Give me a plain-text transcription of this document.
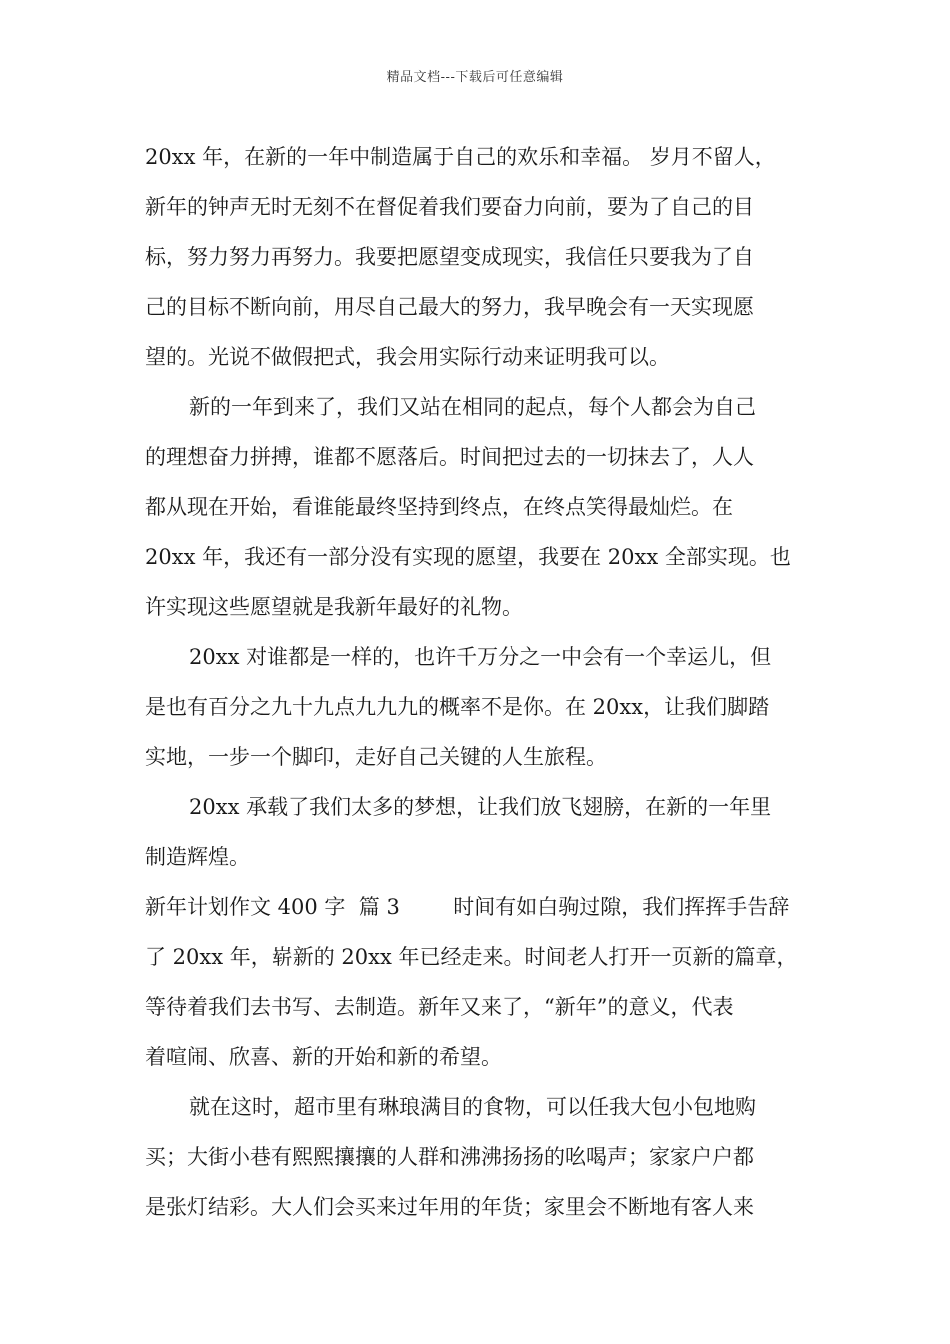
精品文档---下载后可任意编辑
20xx 年，在新的一年中制造属于自己的欢乐和幸福。 岁月不留人，
新年的钟声无时无刻不在督促着我们要奋力向前，要为了自己的目
标，努力努力再努力。我要把愿望变成现实，我信任只要我为了自
己的目标不断向前，用尽自己最大的努力，我早晚会有一天实现愿
望的。光说不做假把式，我会用实际行动来证明我可以。
新的一年到来了，我们又站在相同的起点，每个人都会为自己
的理想奋力拼搏，谁都不愿落后。时间把过去的一切抹去了，人人
都从现在开始，看谁能最终坚持到终点，在终点笑得最灿烂。在
20xx 年，我还有一部分没有实现的愿望，我要在 20xx 全部实现。也
许实现这些愿望就是我新年最好的礼物。
20xx 对谁都是一样的，也许千万分之一中会有一个幸运儿，但
是也有百分之九十九点九九九的概率不是你。在 20xx，让我们脚踏
实地，一步一个脚印，走好自己关键的人生旅程。
20xx 承载了我们太多的梦想，让我们放飞翅膀，在新的一年里
制造辉煌。
新年计划作文 400 字  篇 3        时间有如白驹过隙，我们挥挥手告辞
了 20xx 年，崭新的 20xx 年已经走来。时间老人打开一页新的篇章，
等待着我们去书写、去制造。新年又来了，“新年”的意义，代表
着喧闹、欣喜、新的开始和新的希望。
就在这时，超市里有琳琅满目的食物，可以任我大包小包地购
买；大街小巷有熙熙攘攘的人群和沸沸扬扬的吆喝声；家家户户都
是张灯结彩。大人们会买来过年用的年货；家里会不断地有客人来
